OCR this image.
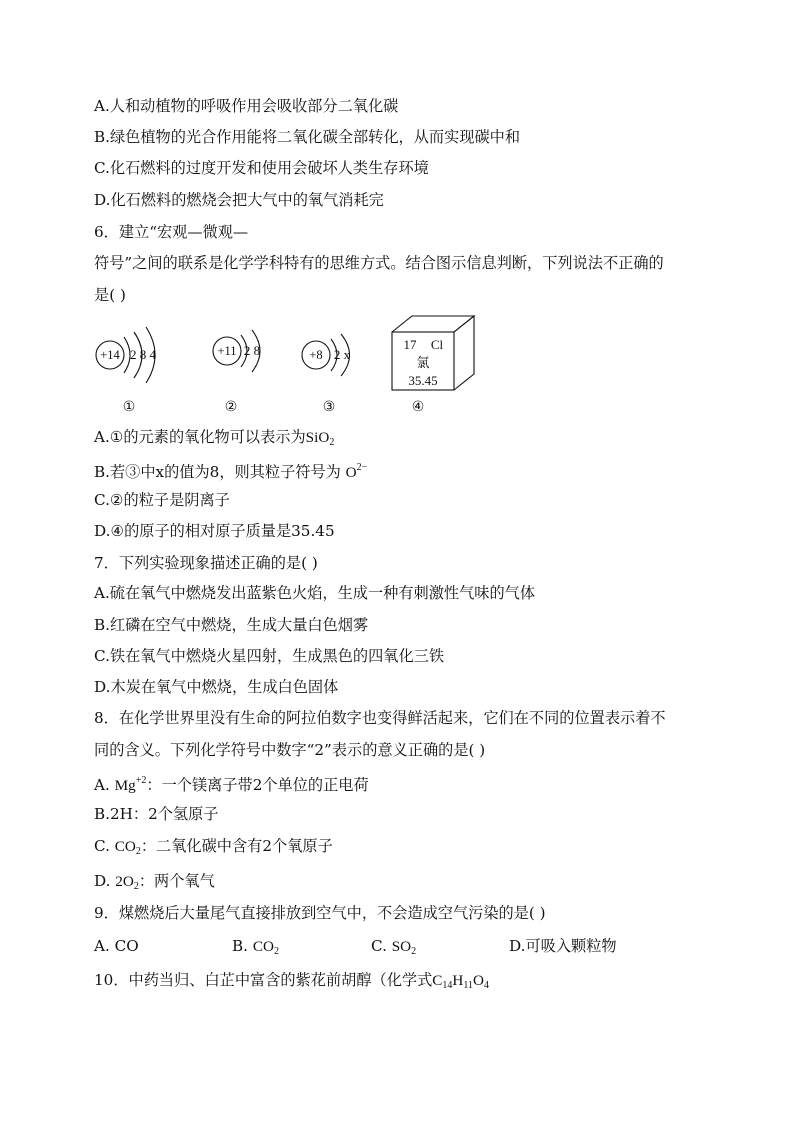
A.人和动植物的呼吸作用会吸收部分二氧化碳
B.绿色植物的光合作用能将二氧化碳全部转化，从而实现碳中和
C.化石燃料的过度开发和使用会破坏人类生存环境
D.化石燃料的燃烧会把大气中的氧气消耗完
6．建立“宏观—微观—
符号”之间的联系是化学学科特有的思维方式。结合图示信息判断，下列说法不正确的
是( )
+14 2 8 4	+11 2 8	+8 2 x
17 Cl
氯
35.45
①	②	③	④
A.①的元素的氧化物可以表示为SiO$_2$
B.若③中x的值为8，则其粒子符号为 $O^{2-}$
C.②的粒子是阴离子
D.④的原子的相对原子质量是35.45
7．下列实验现象描述正确的是( )
A.硫在氧气中燃烧发出蓝紫色火焰，生成一种有刺激性气味的气体
B.红磷在空气中燃烧，生成大量白色烟雾
C.铁在氧气中燃烧火星四射，生成黑色的四氧化三铁
D.木炭在氧气中燃烧，生成白色固体
8．在化学世界里没有生命的阿拉伯数字也变得鲜活起来，它们在不同的位置表示着不
同的含义。下列化学符号中数字“2”表示的意义正确的是( )
A. $Mg^{+2}$：一个镁离子带2个单位的正电荷
B.2H：2个氢原子
C. $CO_2$：二氧化碳中含有2个氧原子
D. $2O_2$：两个氧气
9．煤燃烧后大量尾气直接排放到空气中，不会造成空气污染的是( )
A. CO	B. $CO_2$	C. $SO_2$	D.可吸入颗粒物
10．中药当归、白芷中富含的紫花前胡醇（化学式$C_{14}H_{11}O_4$
